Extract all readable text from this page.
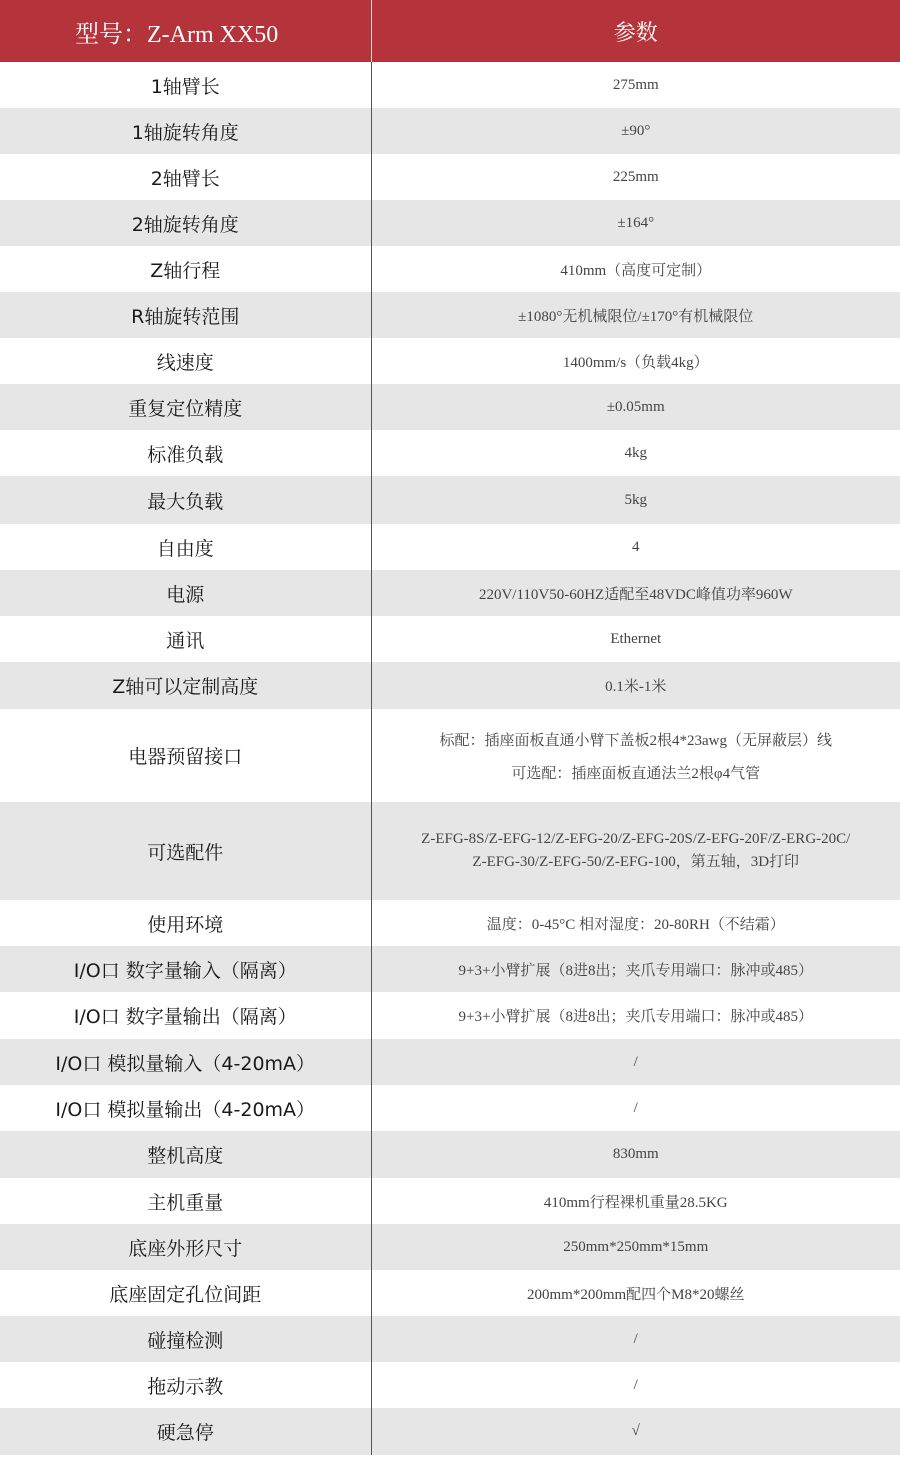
型号：Z-Arm XX50	参数
1轴臂长	275mm

1轴旋转角度	±90°

2轴臂长	225mm

2轴旋转角度	±164°

Z轴行程	410mm（高度可定制）

R轴旋转范围	±1080°无机械限位/±170°有机械限位

线速度	1400mm/s（负载4kg）

重复定位精度	±0.05mm

标准负载	4kg

最大负载	5kg

自由度	4

电源	220V/110V50-60HZ适配至48VDC峰值功率960W

通讯	Ethernet

Z轴可以定制高度	0.1米-1米

电器预留接口	标配：插座面板直通小臂下盖板2根4*23awg（无屏蔽层）线
可选配：插座面板直通法兰2根φ4气管

可选配件	Z-EFG-8S/Z-EFG-12/Z-EFG-20/Z-EFG-20S/Z-EFG-20F/Z-ERG-20C/
Z-EFG-30/Z-EFG-50/Z-EFG-100，第五轴，3D打印

使用环境	温度：0-45°C 相对湿度：20-80RH（不结霜）

I/O口 数字量输入（隔离）	9+3+小臂扩展（8进8出；夹爪专用端口：脉冲或485）

I/O口 数字量输出（隔离）	9+3+小臂扩展（8进8出；夹爪专用端口：脉冲或485）

I/O口 模拟量输入（4-20mA）	/

I/O口 模拟量输出（4-20mA）	/

整机高度	830mm

主机重量	410mm行程裸机重量28.5KG

底座外形尺寸	250mm*250mm*15mm

底座固定孔位间距	200mm*200mm配四个M8*20螺丝

碰撞检测	/

拖动示教	/

硬急停	√
